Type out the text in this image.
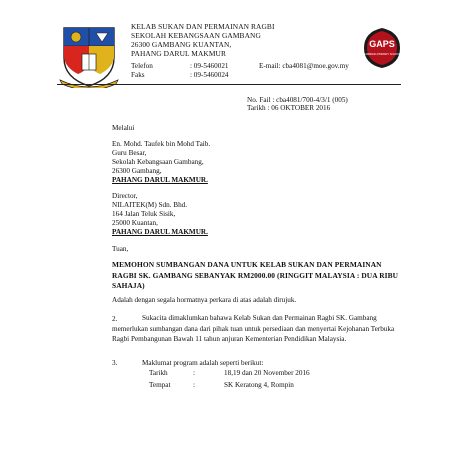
KELAB SUKAN DAN PERMAINAN RAGBI
SEKOLAH KEBANGSAAN GAMBANG
26300 GAMBANG KUANTAN,
PAHANG DARUL MAKMUR
Telefon	: 09-5460021	E-mail: cba4081@moe.gov.my
Faks	: 09-5460024
GAPS
GAMBANG PRIMARY SCHOOL
No. Fail : cba4081/700-4/3/1 (005)
Tarikh : 06 OKTOBER 2016
Melalui
En. Mohd. Taufek bin Mohd Taib.
Guru Besar,
Sekolah Kebangsaan Gambang,
26300 Gambang,
PAHANG DARUL MAKMUR.
Director,
NILAITEK(M) Sdn. Bhd.
164 Jalan Teluk Sisik,
25000 Kuantan,
PAHANG DARUL MAKMUR.
Tuan,
MEMOHON SUMBANGAN DANA UNTUK KELAB SUKAN DAN PERMAINAN RAGBI SK. GAMBANG SEBANYAK RM2000.00 (RINGGIT MALAYSIA : DUA RIBU SAHAJA)
Adalah dengan segala hormatnya perkara di atas adalah dirujuk.
2.	Sukacita dimaklumkan bahawa Kelab Sukan dan Permainan Ragbi SK. Gambang memerlukan sumbangan dana dari pihak tuan untuk persediaan dan menyertai Kejohanan Terbuka Ragbi Pembangunan Bawah 11 tahun anjuran Kementerian Pendidikan Malaysia.
3.	Maklumat program adalah seperti berikut:
Tarikh	:	18,19 dan 20 November 2016
Tempat	:	SK Keratong 4, Rompin
